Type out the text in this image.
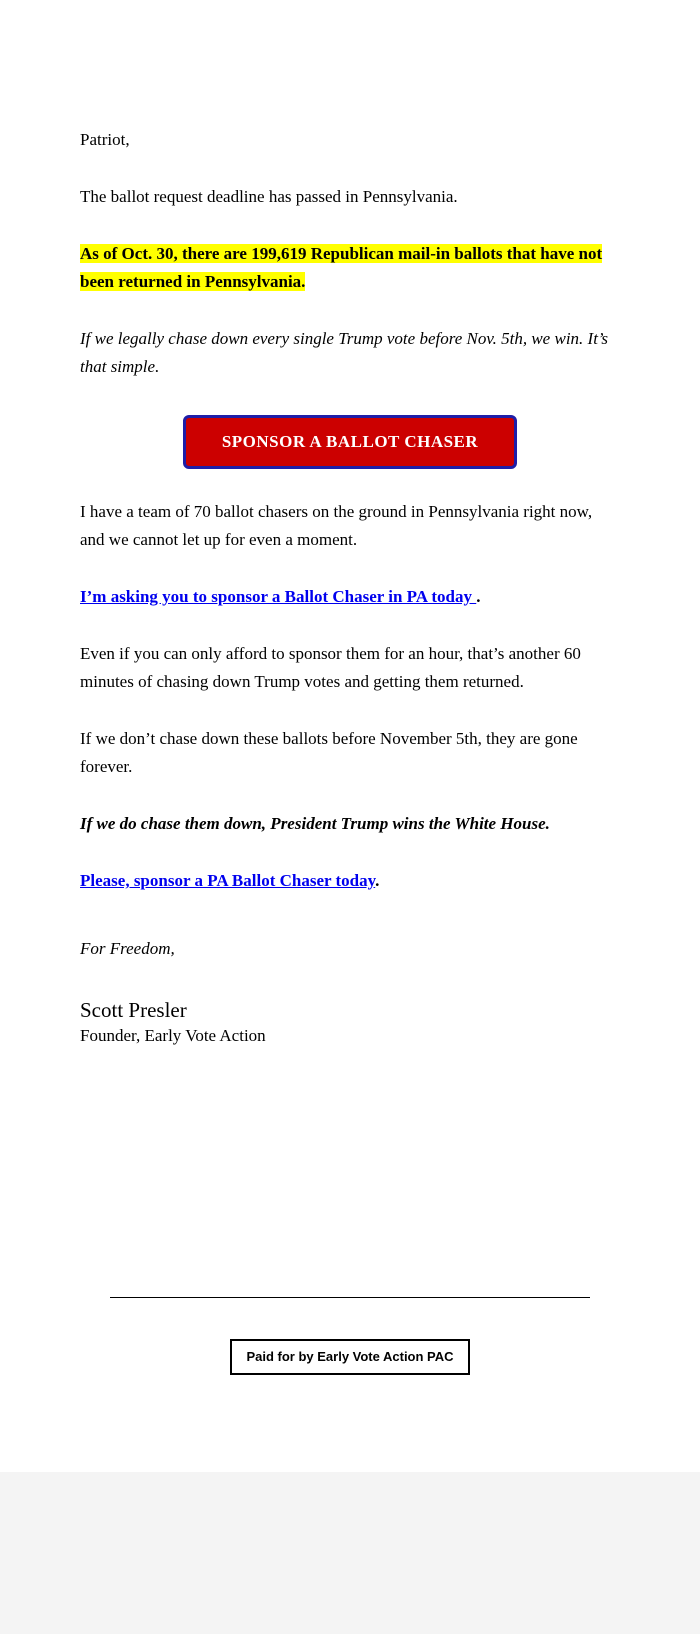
Patriot,

The ballot request deadline has passed in Pennsylvania.

As of Oct. 30, there are 199,619 Republican mail-in ballots that have not been returned in Pennsylvania.

If we legally chase down every single Trump vote before Nov. 5th, we win. It’s that simple.

SPONSOR A BALLOT CHASER

I have a team of 70 ballot chasers on the ground in Pennsylvania right now, and we cannot let up for even a moment.

I’m asking you to sponsor a Ballot Chaser in PA today .

Even if you can only afford to sponsor them for an hour, that’s another 60 minutes of chasing down Trump votes and getting them returned.

If we don’t chase down these ballots before November 5th, they are gone forever.

If we do chase them down, President Trump wins the White House.

Please, sponsor a PA Ballot Chaser today.

For Freedom,

Scott Presler
Founder, Early Vote Action
Paid for by Early Vote Action PAC
